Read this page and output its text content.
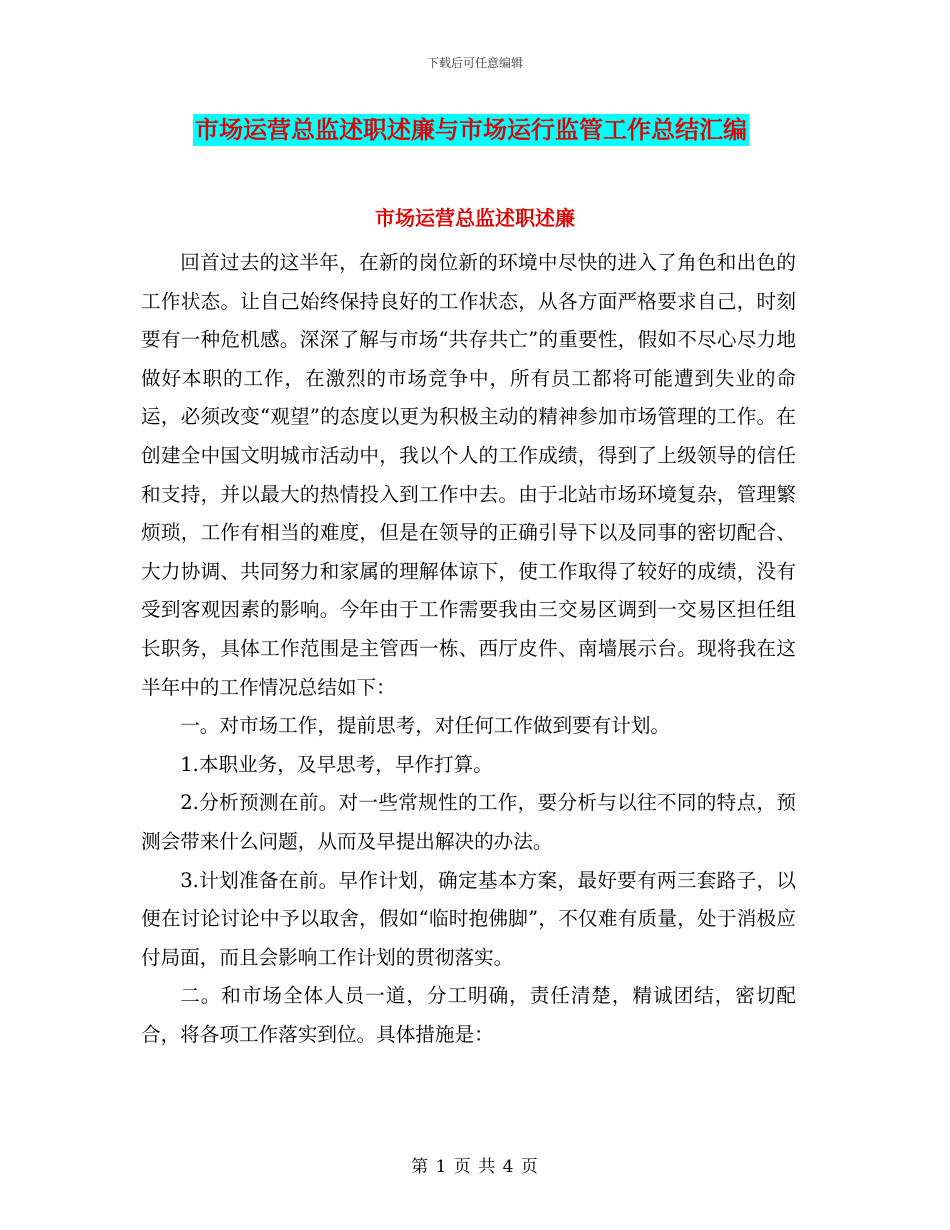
下载后可任意编辑
市场运营总监述职述廉与市场运行监管工作总结汇编
市场运营总监述职述廉

回首过去的这半年，在新的岗位新的环境中尽快的进入了角色和出色的工作状态。让自己始终保持良好的工作状态，从各方面严格要求自己，时刻要有一种危机感。深深了解与市场“共存共亡”的重要性，假如不尽心尽力地做好本职的工作，在激烈的市场竞争中，所有员工都将可能遭到失业的命运，必须改变“观望”的态度以更为积极主动的精神参加市场管理的工作。在创建全中国文明城市活动中，我以个人的工作成绩，得到了上级领导的信任和支持，并以最大的热情投入到工作中去。由于北站市场环境复杂，管理繁烦琐，工作有相当的难度，但是在领导的正确引导下以及同事的密切配合、大力协调、共同努力和家属的理解体谅下，使工作取得了较好的成绩，没有受到客观因素的影响。今年由于工作需要我由三交易区调到一交易区担任组长职务，具体工作范围是主管西一栋、西厅皮件、南墙展示台。现将我在这半年中的工作情况总结如下：

一。对市场工作，提前思考，对任何工作做到要有计划。

1.本职业务，及早思考，早作打算。

2.分析预测在前。对一些常规性的工作，要分析与以往不同的特点，预测会带来什么问题，从而及早提出解决的办法。

3.计划准备在前。早作计划，确定基本方案，最好要有两三套路子，以便在讨论讨论中予以取舍，假如“临时抱佛脚”，不仅难有质量，处于消极应付局面，而且会影响工作计划的贯彻落实。

二。和市场全体人员一道，分工明确，责任清楚，精诚团结，密切配合，将各项工作落实到位。具体措施是：

第 1 页 共 4 页
